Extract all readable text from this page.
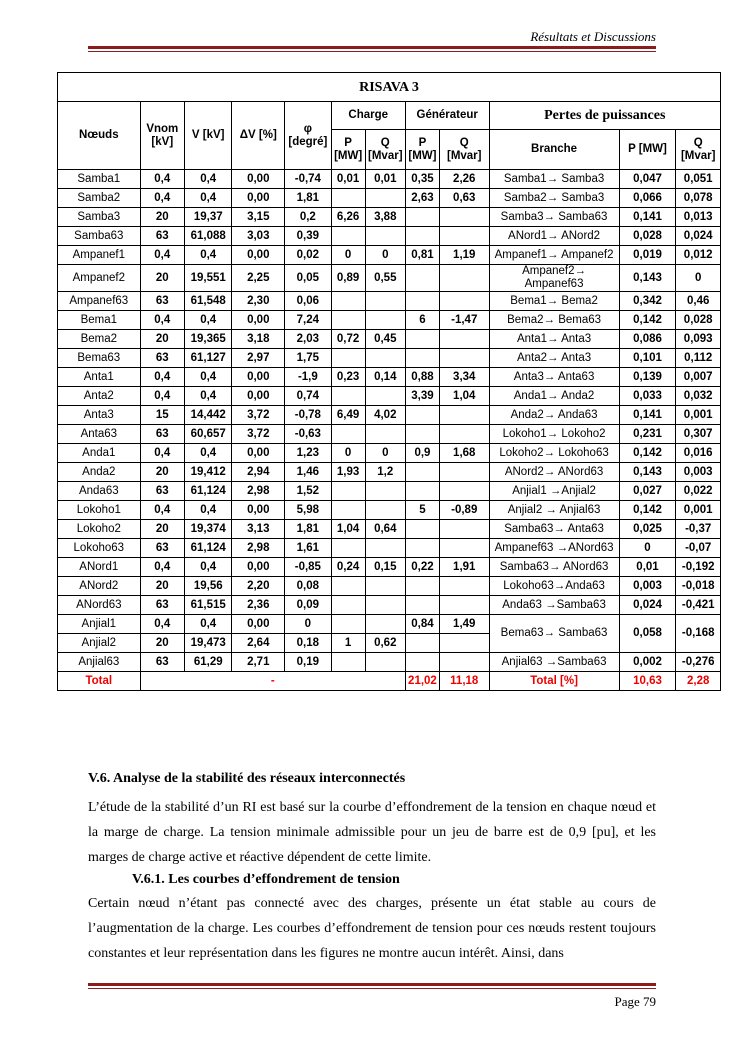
Résultats et Discussions
RISAVA 3											
Nœuds	Vnom [kV]	V [kV]	ΔV [%]	φ [degré]	Charge		Générateur		Pertes de puissances		
					P [MW]	Q [Mvar]	P [MW]	Q [Mvar]	Branche	P [MW]	Q [Mvar]
Samba1	0,4	0,4	0,00	-0,74	0,01	0,01	0,35	2,26	Samba1→ Samba3	0,047	0,051
Samba2	0,4	0,4	0,00	1,81			2,63	0,63	Samba2→ Samba3	0,066	0,078
Samba3	20	19,37	3,15	0,2	6,26	3,88			Samba3→ Samba63	0,141	0,013
Samba63	63	61,088	3,03	0,39					ANord1→ ANord2	0,028	0,024
Ampanef1	0,4	0,4	0,00	0,02	0	0	0,81	1,19	Ampanef1→ Ampanef2	0,019	0,012
Ampanef2	20	19,551	2,25	0,05	0,89	0,55			Ampanef2→ Ampanef63	0,143	0
Ampanef63	63	61,548	2,30	0,06					Bema1→ Bema2	0,342	0,46
Bema1	0,4	0,4	0,00	7,24			6	-1,47	Bema2→ Bema63	0,142	0,028
Bema2	20	19,365	3,18	2,03	0,72	0,45			Anta1→ Anta3	0,086	0,093
Bema63	63	61,127	2,97	1,75					Anta2→ Anta3	0,101	0,112
Anta1	0,4	0,4	0,00	-1,9	0,23	0,14	0,88	3,34	Anta3→ Anta63	0,139	0,007
Anta2	0,4	0,4	0,00	0,74			3,39	1,04	Anda1→ Anda2	0,033	0,032
Anta3	15	14,442	3,72	-0,78	6,49	4,02			Anda2→ Anda63	0,141	0,001
Anta63	63	60,657	3,72	-0,63					Lokoho1→ Lokoho2	0,231	0,307
Anda1	0,4	0,4	0,00	1,23	0	0	0,9	1,68	Lokoho2→ Lokoho63	0,142	0,016
Anda2	20	19,412	2,94	1,46	1,93	1,2			ANord2→ ANord63	0,143	0,003
Anda63	63	61,124	2,98	1,52					Anjial1 →Anjial2	0,027	0,022
Lokoho1	0,4	0,4	0,00	5,98			5	-0,89	Anjial2 → Anjial63	0,142	0,001
Lokoho2	20	19,374	3,13	1,81	1,04	0,64			Samba63→ Anta63	0,025	-0,37
Lokoho63	63	61,124	2,98	1,61					Ampanef63 →ANord63	0	-0,07
ANord1	0,4	0,4	0,00	-0,85	0,24	0,15	0,22	1,91	Samba63→ ANord63	0,01	-0,192
ANord2	20	19,56	2,20	0,08					Lokoho63→Anda63	0,003	-0,018
ANord63	63	61,515	2,36	0,09					Anda63 →Samba63	0,024	-0,421
Anjial1	0,4	0,4	0,00	0			0,84	1,49	Bema63→ Samba63	0,058	-0,168
Anjial2	20	19,473	2,64	0,18	1	0,62					
Anjial63	63	61,29	2,71	0,19					Anjial63 →Samba63	0,002	-0,276
Total	-						21,02	11,18	Total [%]	10,63	2,28
V.6. Analyse de la stabilité des réseaux interconnectés
L’étude de la stabilité d’un RI est basé sur la courbe d’effondrement de la tension en chaque nœud et la marge de charge. La tension minimale admissible pour un jeu de barre est de 0,9 [pu], et les marges de charge active et réactive dépendent de cette limite.
V.6.1. Les courbes d’effondrement de tension
Certain nœud n’étant pas connecté avec des charges, présente un état stable au cours de l’augmentation de la charge. Les courbes d’effondrement de tension pour ces nœuds restent toujours constantes et leur représentation dans les figures ne montre aucun intérêt. Ainsi, dans
Page 79
